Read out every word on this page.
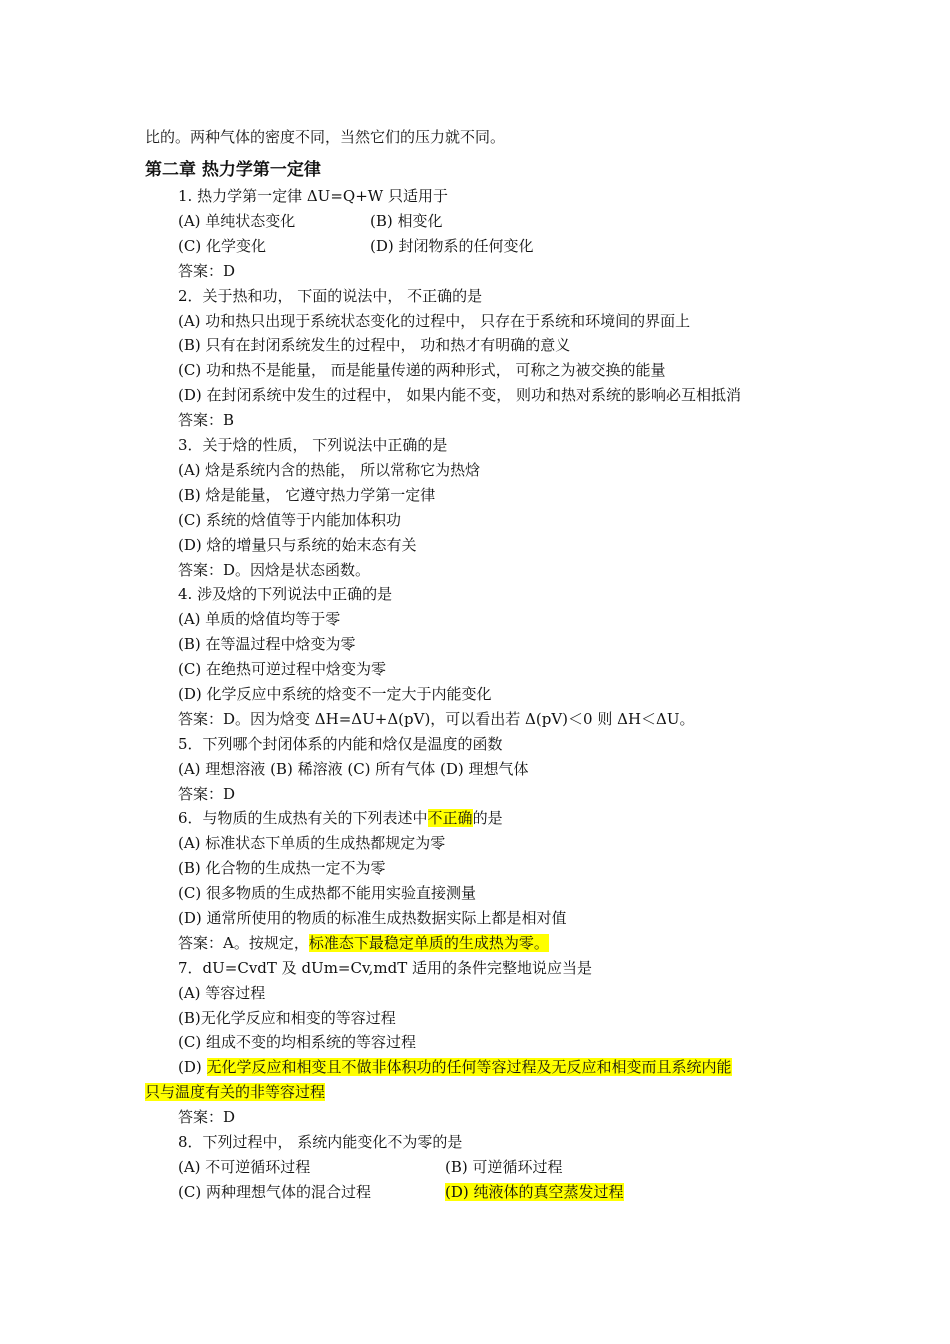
比的。两种气体的密度不同，当然它们的压力就不同。
第二章 热力学第一定律
1. 热力学第一定律 ΔU=Q+W 只适用于
(A) 单纯状态变化	(B) 相变化
(C) 化学变化	(D) 封闭物系的任何变化
答案：D
2．关于热和功， 下面的说法中， 不正确的是
(A) 功和热只出现于系统状态变化的过程中， 只存在于系统和环境间的界面上
(B) 只有在封闭系统发生的过程中， 功和热才有明确的意义
(C) 功和热不是能量， 而是能量传递的两种形式， 可称之为被交换的能量
(D) 在封闭系统中发生的过程中， 如果内能不变， 则功和热对系统的影响必互相抵消
答案：B
3．关于焓的性质， 下列说法中正确的是
(A) 焓是系统内含的热能， 所以常称它为热焓
(B) 焓是能量， 它遵守热力学第一定律
(C) 系统的焓值等于内能加体积功
(D) 焓的增量只与系统的始末态有关
答案：D。因焓是状态函数。
4. 涉及焓的下列说法中正确的是
(A) 单质的焓值均等于零
(B) 在等温过程中焓变为零
(C) 在绝热可逆过程中焓变为零
(D) 化学反应中系统的焓变不一定大于内能变化
答案：D。因为焓变 ΔH=ΔU+Δ(pV)，可以看出若 Δ(pV)＜0 则 ΔH＜ΔU。
5．下列哪个封闭体系的内能和焓仅是温度的函数
(A) 理想溶液 (B) 稀溶液 (C) 所有气体 (D) 理想气体
答案：D
6．与物质的生成热有关的下列表述中不正确的是
(A) 标准状态下单质的生成热都规定为零
(B) 化合物的生成热一定不为零
(C) 很多物质的生成热都不能用实验直接测量
(D) 通常所使用的物质的标准生成热数据实际上都是相对值
答案：A。按规定，标准态下最稳定单质的生成热为零。
7．dU=CvdT 及 dUm=Cv,mdT 适用的条件完整地说应当是
(A) 等容过程
(B)无化学反应和相变的等容过程
(C) 组成不变的均相系统的等容过程
(D) 无化学反应和相变且不做非体积功的任何等容过程及无反应和相变而且系统内能
只与温度有关的非等容过程
答案：D
8．下列过程中， 系统内能变化不为零的是
(A) 不可逆循环过程	(B) 可逆循环过程
(C) 两种理想气体的混合过程	(D) 纯液体的真空蒸发过程
